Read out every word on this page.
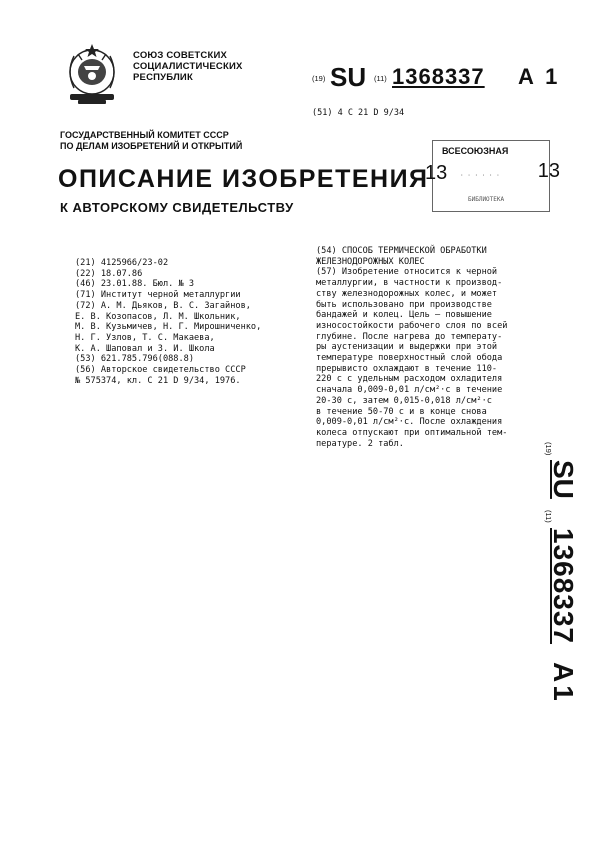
СОЮЗ СОВЕТСКИХ
СОЦИАЛИСТИЧЕСКИХ
РЕСПУБЛИК	(19) SU (11) 1368337 A 1
(51) 4 С 21 D 9/34
ГОСУДАРСТВЕННЫЙ КОМИТЕТ СССР
ПО ДЕЛАМ ИЗОБРЕТЕНИЙ И ОТКРЫТИЙ
ОПИСАНИЕ ИЗОБРЕТЕНИЯ
К АВТОРСКОМУ СВИДЕТЕЛЬСТВУ
ВСЕСОЮЗНАЯ
13 · · · · · · 13
БИБЛИОТЕКА
(21) 4125966/23-02
(22) 18.07.86
(46) 23.01.88. Бюл. № 3
(71) Институт черной металлургии
(72) А. М. Дьяков, В. С. Загайнов,
Е. В. Козопасов, Л. М. Школьник,
М. В. Кузьмичев, Н. Г. Мирошниченко,
Н. Г. Узлов, Т. С. Макаева,
К. А. Шаповал и З. И. Школа
(53) 621.785.796(088.8)
(56) Авторское свидетельство СССР
№ 575374, кл. С 21 D 9/34, 1976.
(54) СПОСОБ ТЕРМИЧЕСКОЙ ОБРАБОТКИ
ЖЕЛЕЗНОДОРОЖНЫХ КОЛЕС
(57) Изобретение относится к черной
металлургии, в частности к производ-
ству железнодорожных колес, и может
быть использовано при производстве
бандажей и колец. Цель – повышение
износостойкости рабочего слоя по всей
глубине. После нагрева до температу-
ры аустенизации и выдержки при этой
температуре поверхностный слой обода
прерывисто охлаждают в течение 110-
220 с с удельным расходом охладителя
сначала 0,009-0,01 л/см²·с в течение
20-30 с, затем 0,015-0,018 л/см²·с
в течение 50-70 с и в конце снова
0,009-0,01 л/см²·с. После охлаждения
колеса отпускают при оптимальной тем-
пературе. 2 табл.	(19)
SU
(11)
1368337
A1
